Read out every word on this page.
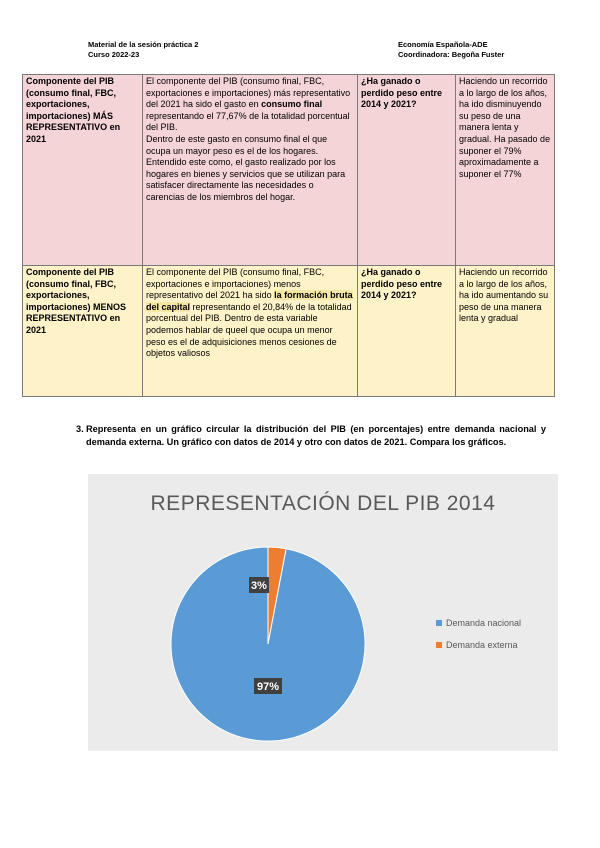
Material de la sesión práctica 2
Curso 2022-23
Economía Española-ADE
Coordinadora: Begoña Fuster
Componente del PIB (consumo final, FBC, exportaciones, importaciones) MÁS REPRESENTATIVO en 2021	El componente del PIB (consumo final, FBC, exportaciones e importaciones) más representativo del 2021 ha sido el gasto en consumo final representando el 77,67% de la totalidad porcentual del PIB.
Dentro de este gasto en consumo final el que ocupa un mayor peso es el de los hogares. Entendido este como, el gasto realizado por los hogares en bienes y servicios que se utilizan para satisfacer directamente las necesidades o carencias de los miembros del hogar.	¿Ha ganado o perdido peso entre 2014 y 2021?	Haciendo un recorrido a lo largo de los años, ha ido disminuyendo su peso de una manera lenta y gradual. Ha pasado de suponer el 79% aproximadamente a suponer el 77%
Componente del PIB (consumo final, FBC, exportaciones, importaciones) MENOS REPRESENTATIVO en 2021	El componente del PIB (consumo final, FBC, exportaciones e importaciones) menos representativo del 2021 ha sido la formación bruta del capital representando el 20,84% de la totalidad porcentual del PIB. Dentro de esta variable podemos hablar de queel que ocupa un menor peso es el de adquisiciones menos cesiones de objetos valiosos	¿Ha ganado o perdido peso entre 2014 y 2021?	Haciendo un recorrido a lo largo de los años, ha ido aumentando su peso de una manera lenta y gradual
3. Representa en un gráfico circular la distribución del PIB (en porcentajes) entre demanda nacional y demanda externa. Un gráfico con datos de 2014 y otro con datos de 2021. Compara los gráficos.
REPRESENTACIÓN DEL PIB 2014
97%
3%
Demanda nacional
Demanda externa
